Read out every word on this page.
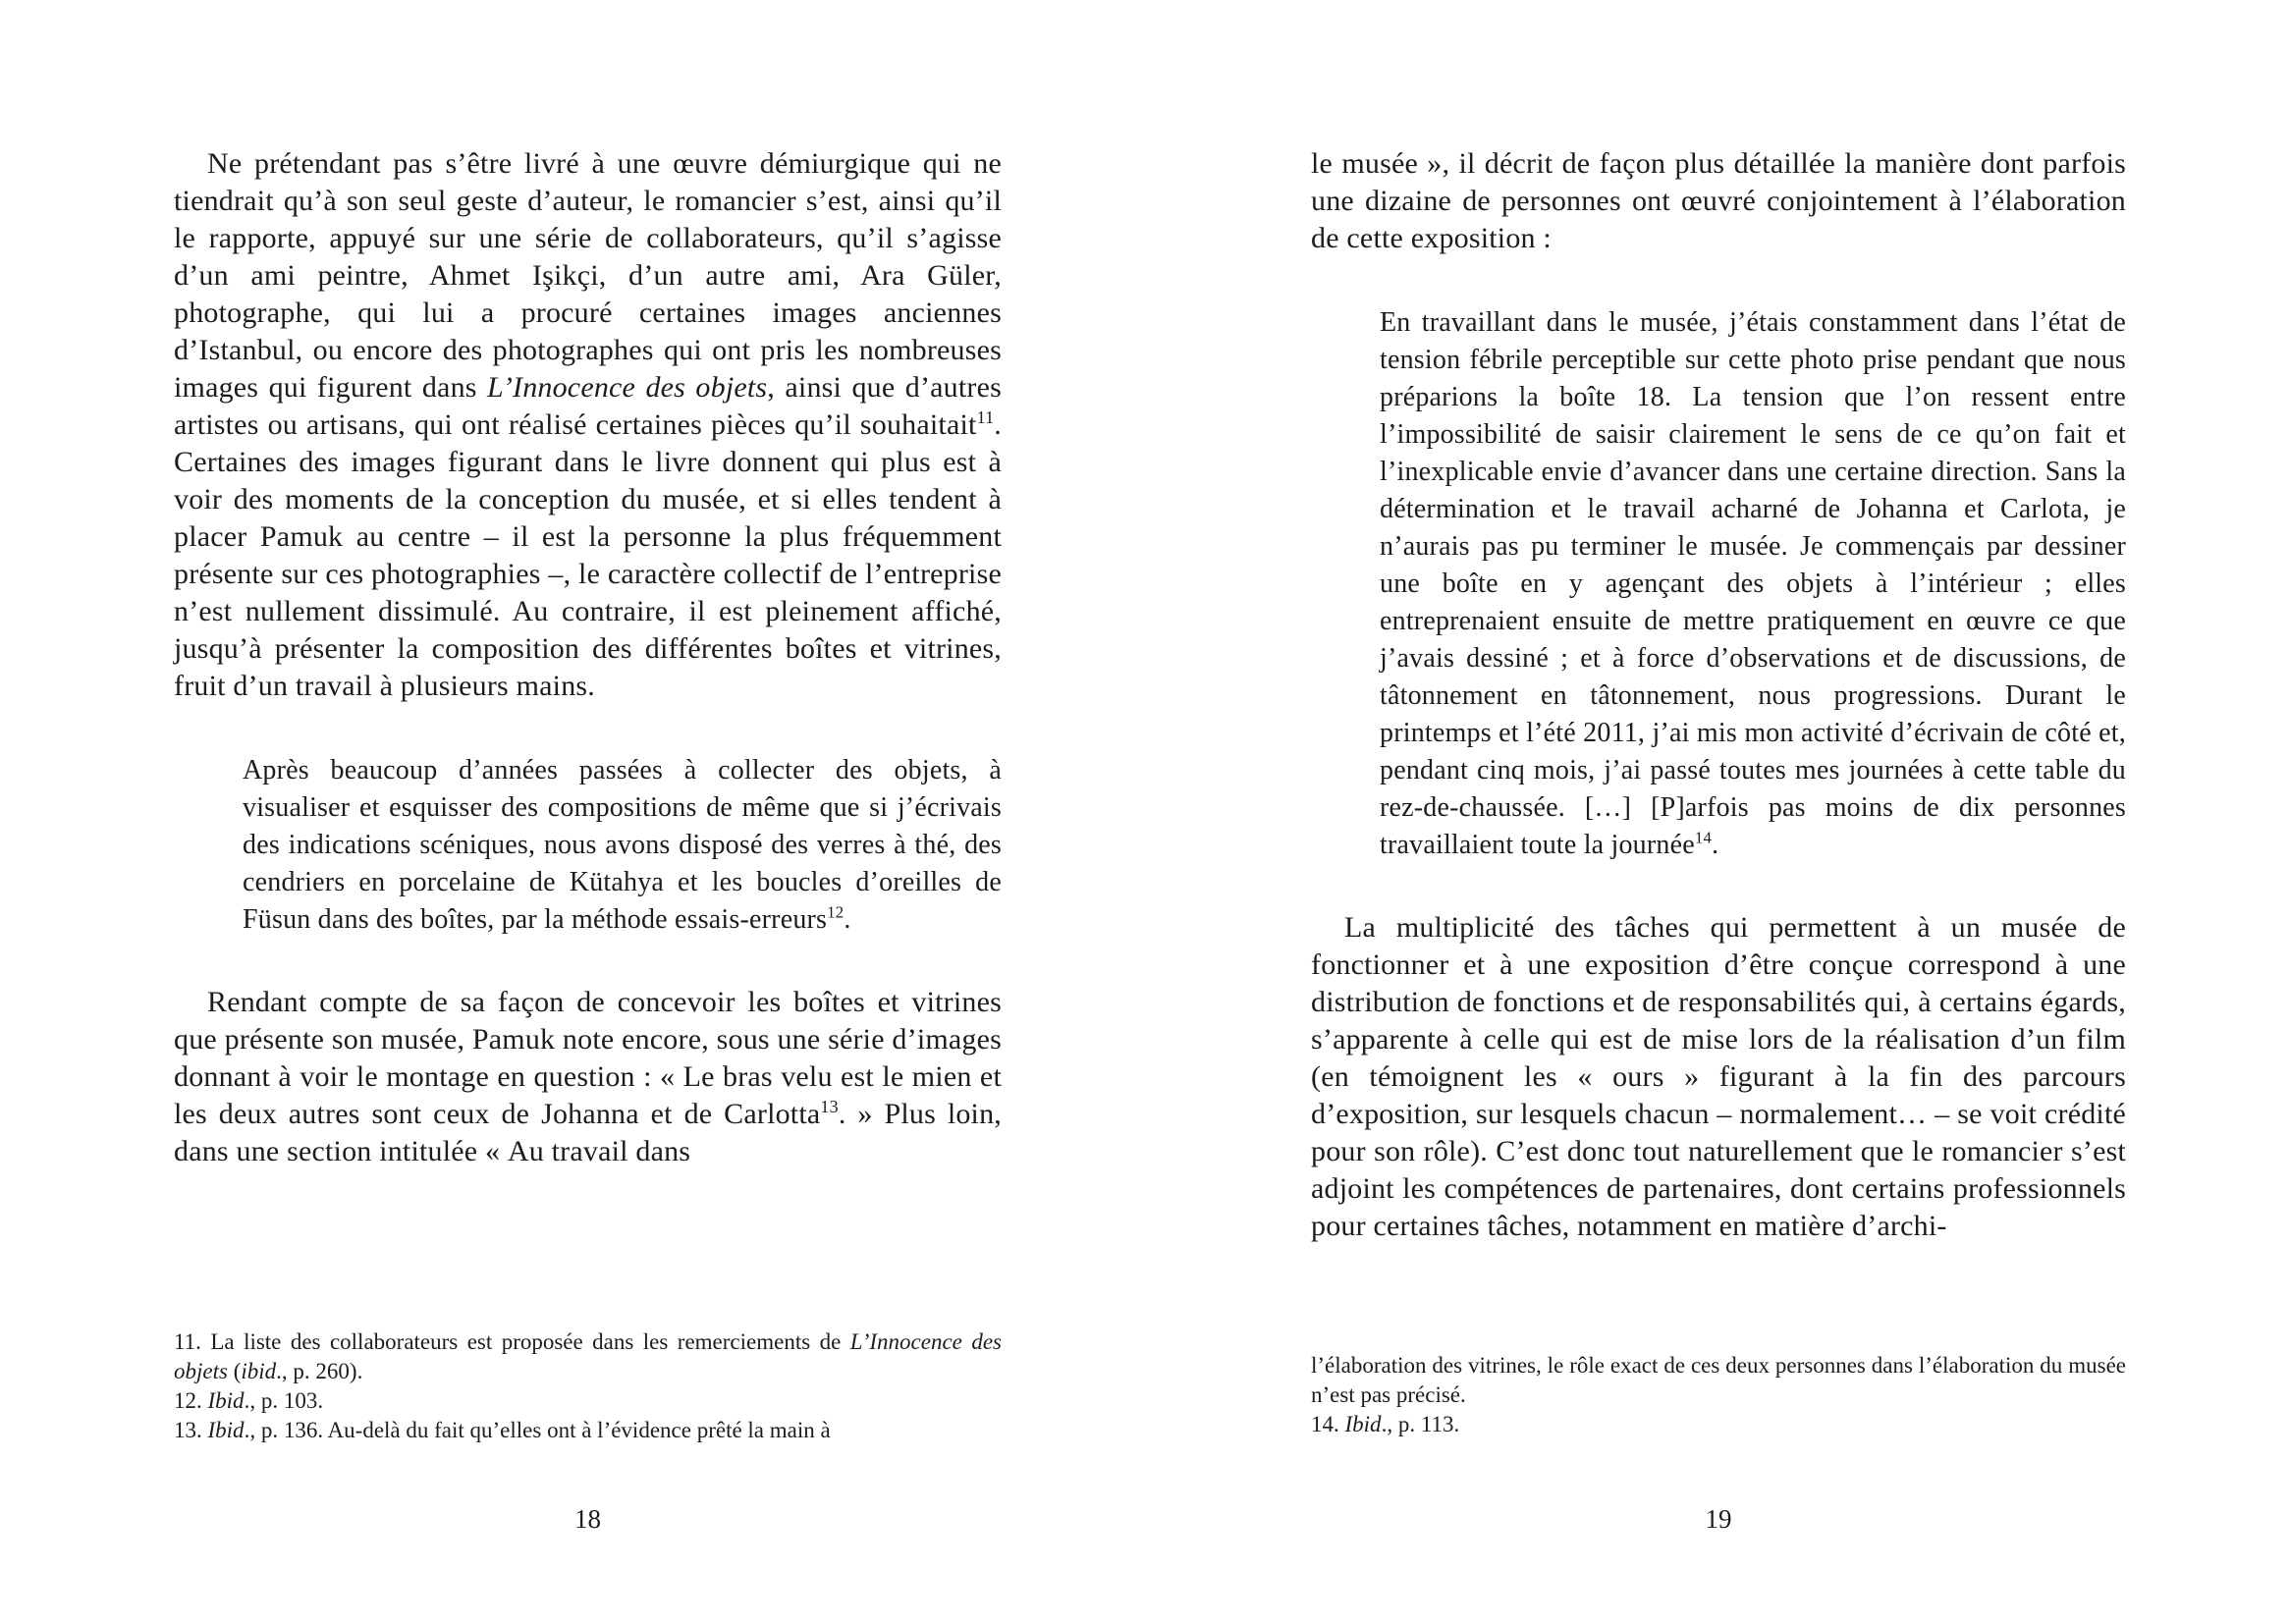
Ne prétendant pas s’être livré à une œuvre démiurgique qui ne tiendrait qu’à son seul geste d’auteur, le romancier s’est, ainsi qu’il le rapporte, appuyé sur une série de collaborateurs, qu’il s’agisse d’un ami peintre, Ahmet Işikçi, d’un autre ami, Ara Güler, photographe, qui lui a procuré certaines images anciennes d’Istanbul, ou encore des photographes qui ont pris les nombreuses images qui figurent dans L’Innocence des objets, ainsi que d’autres artistes ou artisans, qui ont réalisé certaines pièces qu’il souhaitait$^{11}$. Certaines des images figurant dans le livre donnent qui plus est à voir des moments de la conception du musée, et si elles tendent à placer Pamuk au centre – il est la personne la plus fréquemment présente sur ces photographies –, le caractère collectif de l’entreprise n’est nullement dissimulé. Au contraire, il est pleinement affiché, jusqu’à présenter la composition des différentes boîtes et vitrines, fruit d’un travail à plusieurs mains.

Après beaucoup d’années passées à collecter des objets, à visualiser et esquisser des compositions de même que si j’écrivais des indications scéniques, nous avons disposé des verres à thé, des cendriers en porcelaine de Kütahya et les boucles d’oreilles de Füsun dans des boîtes, par la méthode essais-erreurs$^{12}$.

Rendant compte de sa façon de concevoir les boîtes et vitrines que présente son musée, Pamuk note encore, sous une série d’images donnant à voir le montage en question : « Le bras velu est le mien et les deux autres sont ceux de Johanna et de Carlotta$^{13}$. » Plus loin, dans une section intitulée « Au travail dans

11. La liste des collaborateurs est proposée dans les remerciements de L’Innocence des objets (ibid., p. 260).

12. Ibid., p. 103.

13. Ibid., p. 136. Au-delà du fait qu’elles ont à l’évidence prêté la main à

18

le musée », il décrit de façon plus détaillée la manière dont parfois une dizaine de personnes ont œuvré conjointement à l’élaboration de cette exposition :

En travaillant dans le musée, j’étais constamment dans l’état de tension fébrile perceptible sur cette photo prise pendant que nous préparions la boîte 18. La tension que l’on ressent entre l’impossibilité de saisir clairement le sens de ce qu’on fait et l’inexplicable envie d’avancer dans une certaine direction. Sans la détermination et le travail acharné de Johanna et Carlota, je n’aurais pas pu terminer le musée. Je commençais par dessiner une boîte en y agençant des objets à l’intérieur ; elles entreprenaient ensuite de mettre pratiquement en œuvre ce que j’avais dessiné ; et à force d’observations et de discussions, de tâtonnement en tâtonnement, nous progressions. Durant le printemps et l’été 2011, j’ai mis mon activité d’écrivain de côté et, pendant cinq mois, j’ai passé toutes mes journées à cette table du rez-de-chaussée. […] [P]arfois pas moins de dix personnes travaillaient toute la journée$^{14}$.

La multiplicité des tâches qui permettent à un musée de fonctionner et à une exposition d’être conçue correspond à une distribution de fonctions et de responsabilités qui, à certains égards, s’apparente à celle qui est de mise lors de la réalisation d’un film (en témoignent les « ours » figurant à la fin des parcours d’exposition, sur lesquels chacun – normalement… – se voit crédité pour son rôle). C’est donc tout naturellement que le romancier s’est adjoint les compétences de partenaires, dont certains professionnels pour certaines tâches, notamment en matière d’archi-

l’élaboration des vitrines, le rôle exact de ces deux personnes dans l’élaboration du musée n’est pas précisé.

14. Ibid., p. 113.

19
